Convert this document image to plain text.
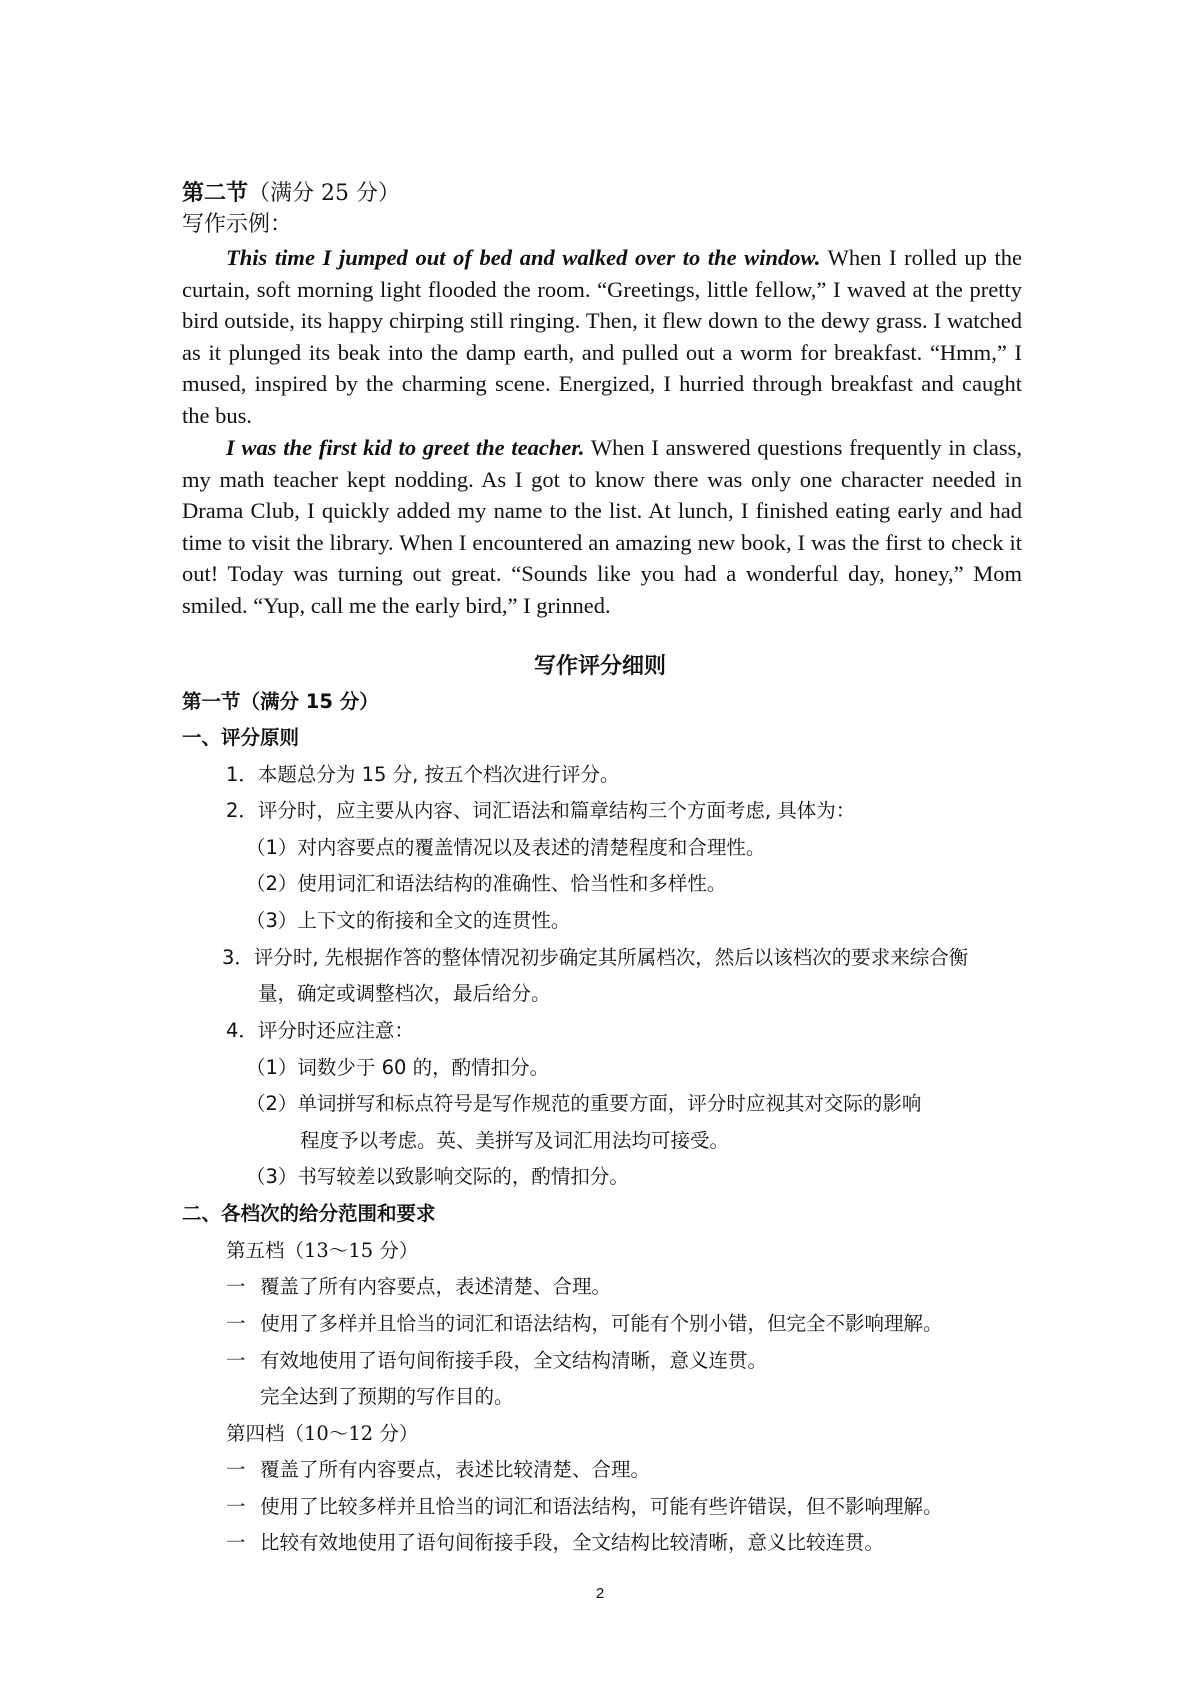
第二节（满分 25 分）
写作示例：

This time I jumped out of bed and walked over to the window. When I rolled up the curtain, soft morning light flooded the room. “Greetings, little fellow,” I waved at the pretty bird outside, its happy chirping still ringing. Then, it flew down to the dewy grass. I watched as it plunged its beak into the damp earth, and pulled out a worm for breakfast. “Hmm,” I mused, inspired by the charming scene. Energized, I hurried through breakfast and caught the bus.

I was the first kid to greet the teacher. When I answered questions frequently in class, my math teacher kept nodding. As I got to know there was only one character needed in Drama Club, I quickly added my name to the list. At lunch, I finished eating early and had time to visit the library. When I encountered an amazing new book, I was the first to check it out! Today was turning out great. “Sounds like you had a wonderful day, honey,” Mom smiled. “Yup, call me the early bird,” I grinned.

写作评分细则
第一节（满分 15 分）
一、评分原则
1．本题总分为 15 分, 按五个档次进行评分。
2．评分时，应主要从内容、词汇语法和篇章结构三个方面考虑, 具体为：
（1）对内容要点的覆盖情况以及表述的清楚程度和合理性。
（2）使用词汇和语法结构的准确性、恰当性和多样性。
（3）上下文的衔接和全文的连贯性。
3．评分时, 先根据作答的整体情况初步确定其所属档次，然后以该档次的要求来综合衡
量，确定或调整档次，最后给分。
4．评分时还应注意：
（1）词数少于 60 的，酌情扣分。
（2）单词拼写和标点符号是写作规范的重要方面，评分时应视其对交际的影响
程度予以考虑。英、美拼写及词汇用法均可接受。
（3）书写较差以致影响交际的，酌情扣分。
二、各档次的给分范围和要求
第五档（13～15 分）
一 覆盖了所有内容要点，表述清楚、合理。
一 使用了多样并且恰当的词汇和语法结构，可能有个别小错，但完全不影响理解。
一 有效地使用了语句间衔接手段，全文结构清晰，意义连贯。
完全达到了预期的写作目的。
第四档（10～12 分）
一 覆盖了所有内容要点，表述比较清楚、合理。
一 使用了比较多样并且恰当的词汇和语法结构，可能有些许错误，但不影响理解。
一 比较有效地使用了语句间衔接手段，全文结构比较清晰，意义比较连贯。
2
